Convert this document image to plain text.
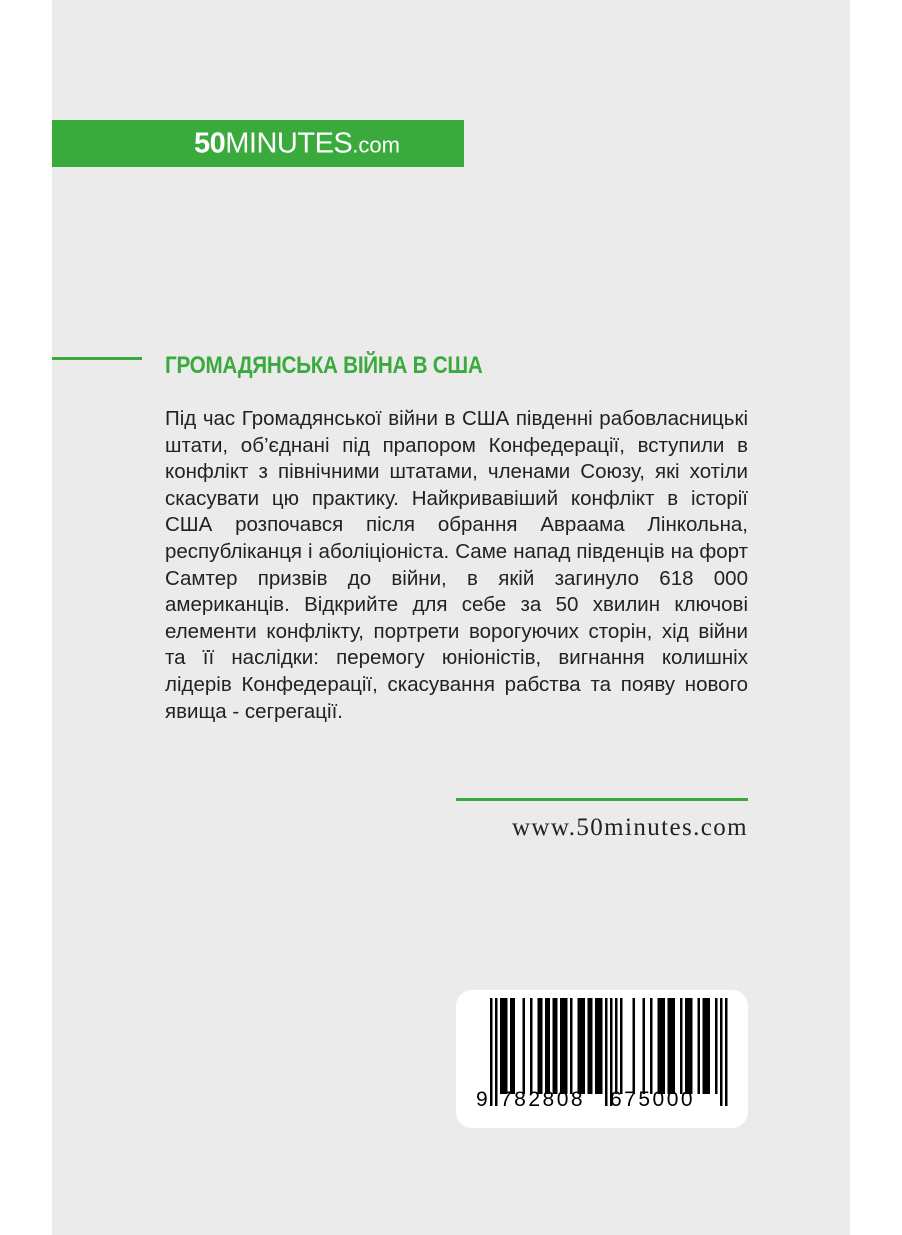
50MINUTES.com
ГРОМАДЯНСЬКА ВІЙНА В США

Під час Громадянської війни в США південні рабовласницькі штати, об’єднані під прапором Конфедерації, вступили в конфлікт з північними штатами, членами Союзу, які хотіли скасувати цю практику. Найкривавіший конфлікт в історії США розпочався після обрання Авраама Лінкольна, республіканця і аболіціоніста. Саме напад південців на форт Самтер призвів до війни, в якій загинуло 618 000 американців. Відкрийте для себе за 50 хвилин ключові елементи конфлікту, портрети ворогуючих сторін, хід війни та її наслідки: перемогу юніоністів, вигнання колишніх лідерів Конфедерації, скасування рабства та появу нового явища - сегрегації.

www.50minutes.com

9 782808 675000
